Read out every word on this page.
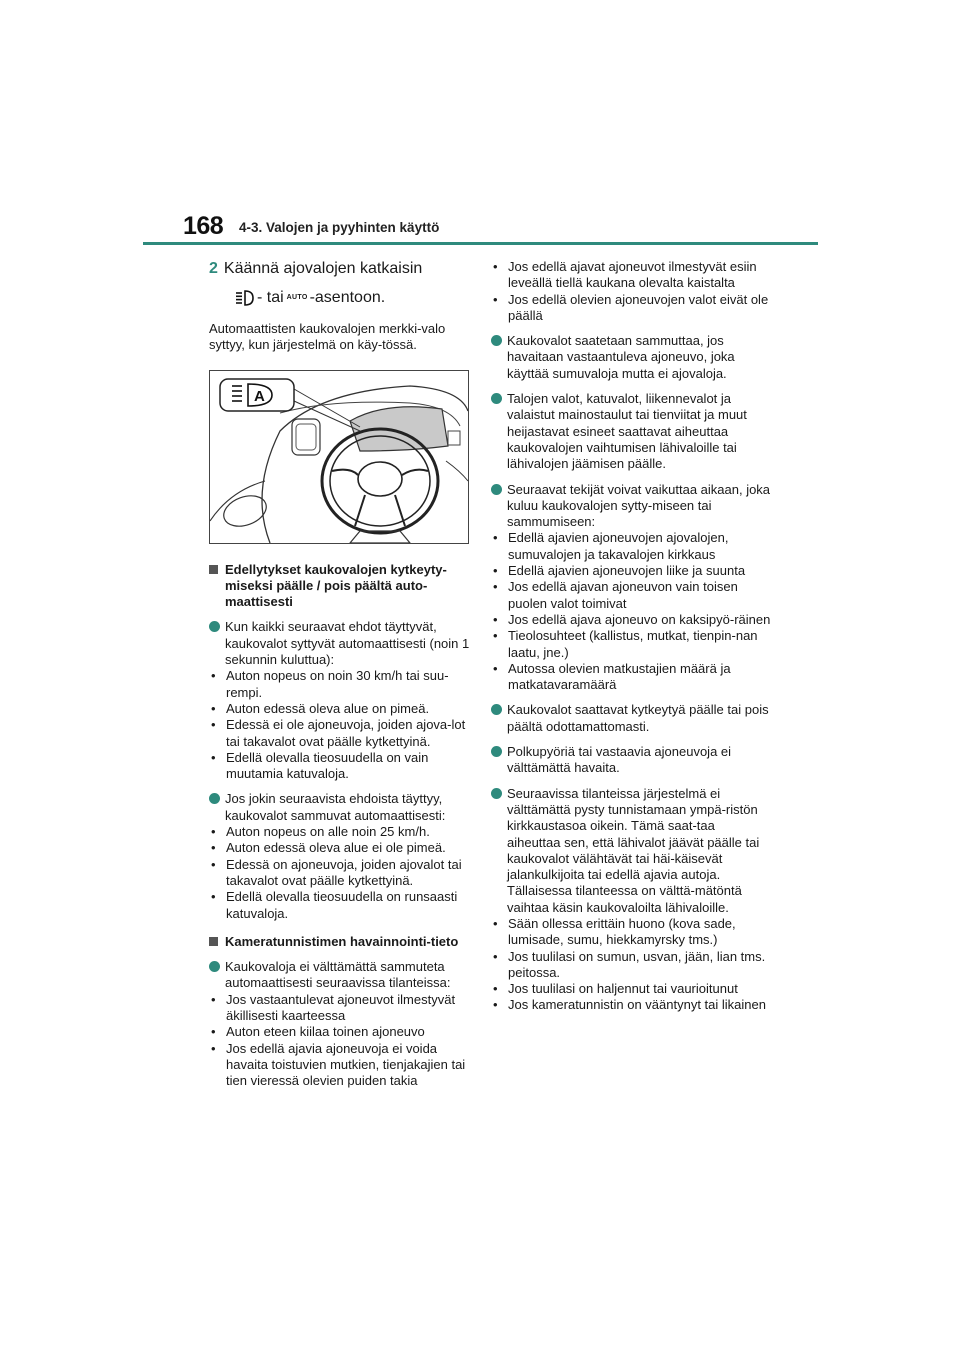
168 4-3. Valojen ja pyyhinten käyttö

2 Käännä ajovalojen katkaisin

- tai AUTO -asentoon.

Automaattisten kaukovalojen merkki-valo syttyy, kun järjestelmä on käy-tössä.

A
Edellytykset kaukovalojen kytkeyty-miseksi päälle / pois päältä auto-maattisesti

Kun kaikki seuraavat ehdot täyttyvät, kaukovalot syttyvät automaattisesti (noin 1 sekunnin kuluttua):

• Auton nopeus on noin 30 km/h tai suu-rempi.
• Auton edessä oleva alue on pimeä.
• Edessä ei ole ajoneuvoja, joiden ajova-lot tai takavalot ovat päälle kytkettyinä.
• Edellä olevalla tieosuudella on vain muutamia katuvaloja.

Jos jokin seuraavista ehdoista täyttyy, kaukovalot sammuvat automaattisesti:

• Auton nopeus on alle noin 25 km/h.
• Auton edessä oleva alue ei ole pimeä.
• Edessä on ajoneuvoja, joiden ajovalot tai takavalot ovat päälle kytkettyinä.
• Edellä olevalla tieosuudella on runsaasti katuvaloja.
Kameratunnistimen havainnointi-tieto

Kaukovaloja ei välttämättä sammuteta automaattisesti seuraavissa tilanteissa:

• Jos vastaantulevat ajoneuvot ilmestyvät äkillisesti kaarteessa
• Auton eteen kiilaa toinen ajoneuvo
• Jos edellä ajavia ajoneuvoja ei voida havaita toistuvien mutkien, tienjakajien tai tien vieressä olevien puiden takia
• Jos edellä ajavat ajoneuvot ilmestyvät esiin leveällä tiellä kaukana olevalta kaistalta
• Jos edellä olevien ajoneuvojen valot eivät ole päällä

Kaukovalot saatetaan sammuttaa, jos havaitaan vastaantuleva ajoneuvo, joka käyttää sumuvaloja mutta ei ajovaloja.

Talojen valot, katuvalot, liikennevalot ja valaistut mainostaulut tai tienviitat ja muut heijastavat esineet saattavat aiheuttaa kaukovalojen vaihtumisen lähivaloille tai lähivalojen jäämisen päälle.

Seuraavat tekijät voivat vaikuttaa aikaan, joka kuluu kaukovalojen sytty-miseen tai sammumiseen:

• Edellä ajavien ajoneuvojen ajovalojen, sumuvalojen ja takavalojen kirkkaus
• Edellä ajavien ajoneuvojen liike ja suunta
• Jos edellä ajavan ajoneuvon vain toisen puolen valot toimivat
• Jos edellä ajava ajoneuvo on kaksipyö-räinen
• Tieolosuhteet (kallistus, mutkat, tienpin-nan laatu, jne.)
• Autossa olevien matkustajien määrä ja matkatavaramäärä

Kaukovalot saattavat kytkeytyä päälle tai pois päältä odottamattomasti.

Polkupyöriä tai vastaavia ajoneuvoja ei välttämättä havaita.

Seuraavissa tilanteissa järjestelmä ei välttämättä pysty tunnistamaan ympä-ristön kirkkaustasoa oikein. Tämä saat-taa aiheuttaa sen, että lähivalot jäävät päälle tai kaukovalot välähtävät tai häi-käisevät jalankulkijoita tai edellä ajavia autoja. Tällaisessa tilanteessa on välttä-mätöntä vaihtaa käsin kaukovaloilta lähivaloille.

• Sään ollessa erittäin huono (kova sade, lumisade, sumu, hiekkamyrsky tms.)
• Jos tuulilasi on sumun, usvan, jään, lian tms. peitossa.
• Jos tuulilasi on haljennut tai vaurioitunut
• Jos kameratunnistin on vääntynyt tai likainen
